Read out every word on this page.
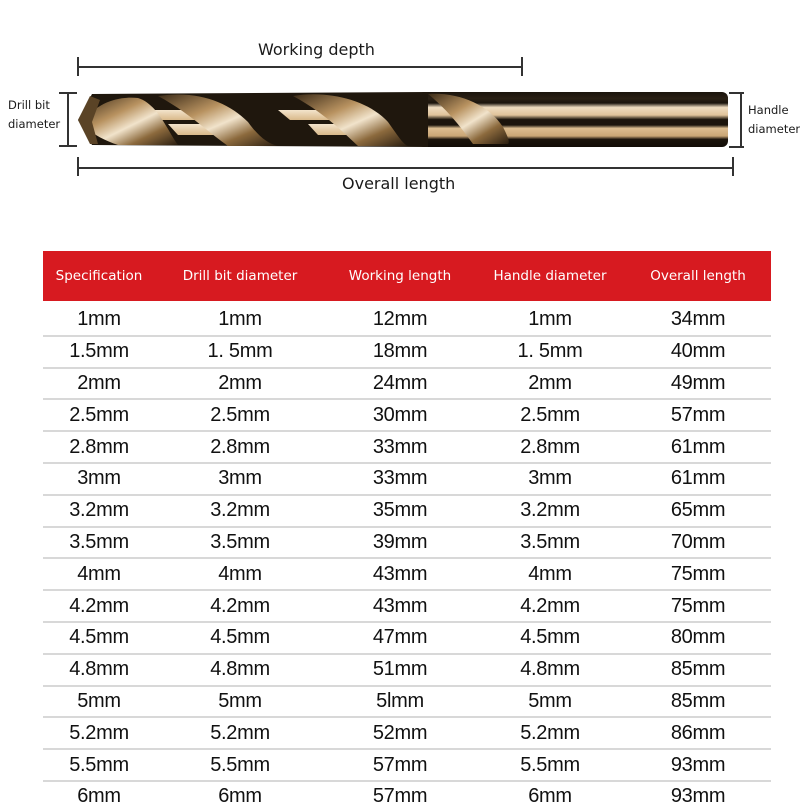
Working depth
Overall length
Drill bit
diameter
Handle
diameter
Specification	Drill bit diameter	Working length	Handle diameter	Overall length
1mm	1mm	12mm	1mm	34mm
1.5mm	1. 5mm	18mm	1. 5mm	40mm
2mm	2mm	24mm	2mm	49mm
2.5mm	2.5mm	30mm	2.5mm	57mm
2.8mm	2.8mm	33mm	2.8mm	61mm
3mm	3mm	33mm	3mm	61mm
3.2mm	3.2mm	35mm	3.2mm	65mm
3.5mm	3.5mm	39mm	3.5mm	70mm
4mm	4mm	43mm	4mm	75mm
4.2mm	4.2mm	43mm	4.2mm	75mm
4.5mm	4.5mm	47mm	4.5mm	80mm
4.8mm	4.8mm	51mm	4.8mm	85mm
5mm	5mm	5lmm	5mm	85mm
5.2mm	5.2mm	52mm	5.2mm	86mm
5.5mm	5.5mm	57mm	5.5mm	93mm
6mm	6mm	57mm	6mm	93mm
